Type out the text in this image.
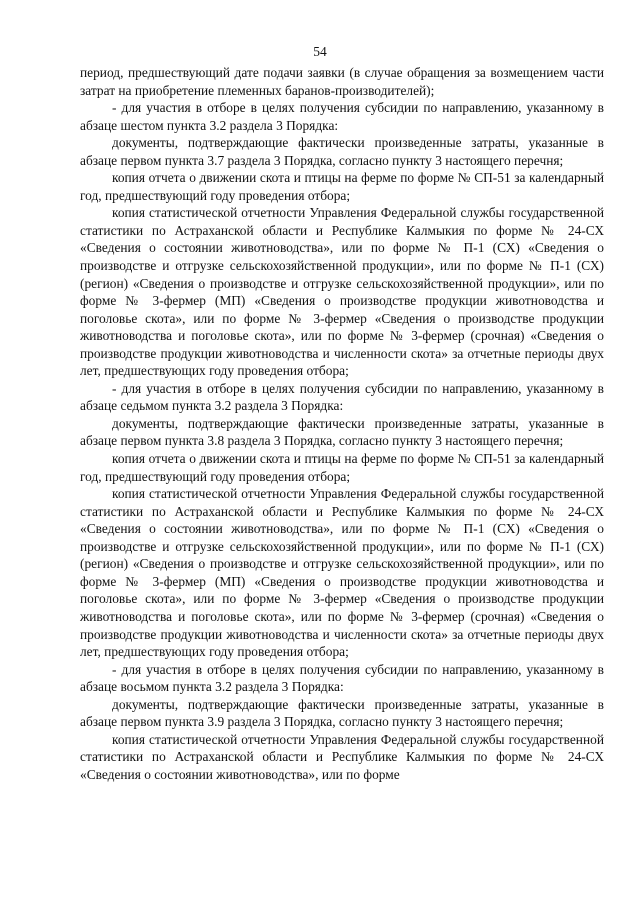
54

период, предшествующий дате подачи заявки (в случае обращения за возмещением части затрат на приобретение племенных баранов-производителей);

- для участия в отборе в целях получения субсидии по направлению, указанному в абзаце шестом пункта 3.2 раздела 3 Порядка:

документы, подтверждающие фактически произведенные затраты, указанные в абзаце первом пункта 3.7 раздела 3 Порядка, согласно пункту 3 настоящего перечня;

копия отчета о движении скота и птицы на ферме по форме № СП-51 за календарный год, предшествующий году проведения отбора;

копия статистической отчетности Управления Федеральной службы государственной статистики по Астраханской области и Республике Калмыкия по форме № 24-СХ «Сведения о состоянии животноводства», или по форме № П-1 (СХ) «Сведения о производстве и отгрузке сельскохозяйственной продукции», или по форме № П-1 (СХ) (регион) «Сведения о производстве и отгрузке сельскохозяйственной продукции», или по форме № 3-фермер (МП) «Сведения о производстве продукции животноводства и поголовье скота», или по форме № 3-фермер «Сведения о производстве продукции животноводства и поголовье скота», или по форме № 3-фермер (срочная) «Сведения о производстве продукции животноводства и численности скота» за отчетные периоды двух лет, предшествующих году проведения отбора;

- для участия в отборе в целях получения субсидии по направлению, указанному в абзаце седьмом пункта 3.2 раздела 3 Порядка:

документы, подтверждающие фактически произведенные затраты, указанные в абзаце первом пункта 3.8 раздела 3 Порядка, согласно пункту 3 настоящего перечня;

копия отчета о движении скота и птицы на ферме по форме № СП-51 за календарный год, предшествующий году проведения отбора;

копия статистической отчетности Управления Федеральной службы государственной статистики по Астраханской области и Республике Калмыкия по форме № 24-СХ «Сведения о состоянии животноводства», или по форме № П-1 (СХ) «Сведения о производстве и отгрузке сельскохозяйственной продукции», или по форме № П-1 (СХ) (регион) «Сведения о производстве и отгрузке сельскохозяйственной продукции», или по форме № 3-фермер (МП) «Сведения о производстве продукции животноводства и поголовье скота», или по форме № 3-фермер «Сведения о производстве продукции животноводства и поголовье скота», или по форме № 3-фермер (срочная) «Сведения о производстве продукции животноводства и численности скота» за отчетные периоды двух лет, предшествующих году проведения отбора;

- для участия в отборе в целях получения субсидии по направлению, указанному в абзаце восьмом пункта 3.2 раздела 3 Порядка:

документы, подтверждающие фактически произведенные затраты, указанные в абзаце первом пункта 3.9 раздела 3 Порядка, согласно пункту 3 настоящего перечня;

копия статистической отчетности Управления Федеральной службы государственной статистики по Астраханской области и Республике Калмыкия по форме № 24-СХ «Сведения о состоянии животноводства», или по форме
